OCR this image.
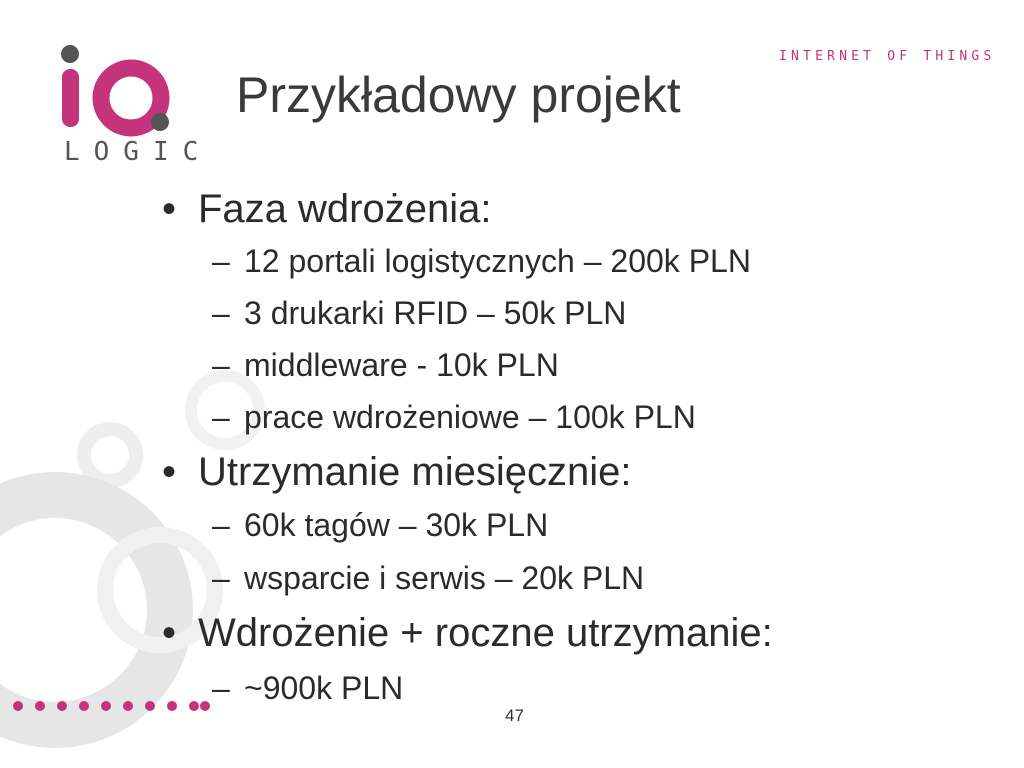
LOGIC
INTERNET OF THINGS
Przykładowy projekt
• Faza wdrożenia:
– 12 portali logistycznych – 200k PLN
– 3 drukarki RFID – 50k PLN
– middleware - 10k PLN
– prace wdrożeniowe – 100k PLN
• Utrzymanie miesięcznie:
– 60k tagów – 30k PLN
– wsparcie i serwis – 20k PLN
• Wdrożenie + roczne utrzymanie:
– ~900k PLN
47
